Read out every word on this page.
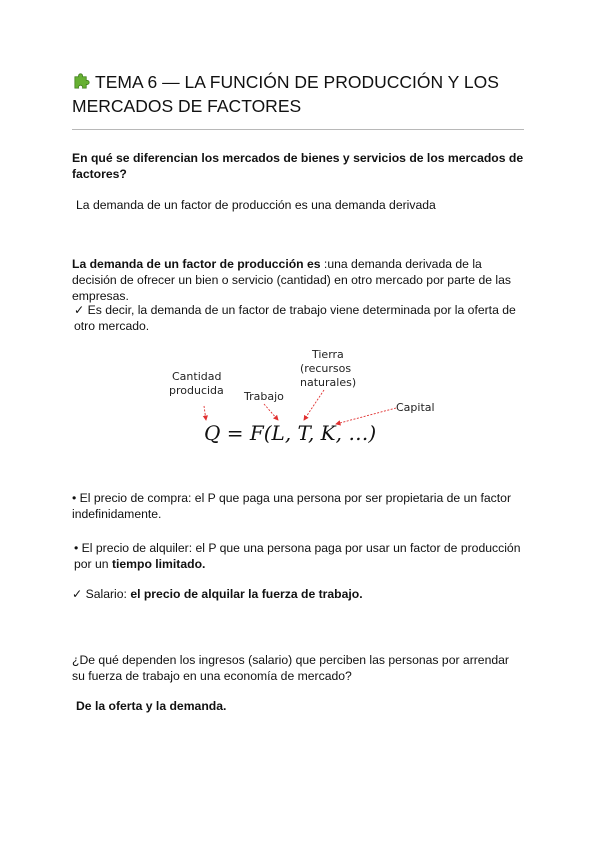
TEMA 6 — LA FUNCIÓN DE PRODUCCIÓN Y LOS MERCADOS DE FACTORES
En qué se diferencian los mercados de bienes y servicios de los mercados de factores?
La demanda de un factor de producción es una demanda derivada
La demanda de un factor de producción es :una demanda derivada de la decisión de ofrecer un bien o servicio (cantidad) en otro mercado por parte de las empresas.
✓ Es decir, la demanda de un factor de trabajo viene determinada por la oferta de otro mercado.
Cantidad
producida Trabajo
Tierra
(recursos
naturales)
Capital
Q = F(L, T, K, …)
• El precio de compra: el P que paga una persona por ser propietaria de un factor indefinidamente.
• El precio de alquiler: el P que una persona paga por usar un factor de producción por un tiempo limitado.
✓ Salario: el precio de alquilar la fuerza de trabajo.
¿De qué dependen los ingresos (salario) que perciben las personas por arrendar su fuerza de trabajo en una economía de mercado?
De la oferta y la demanda.
